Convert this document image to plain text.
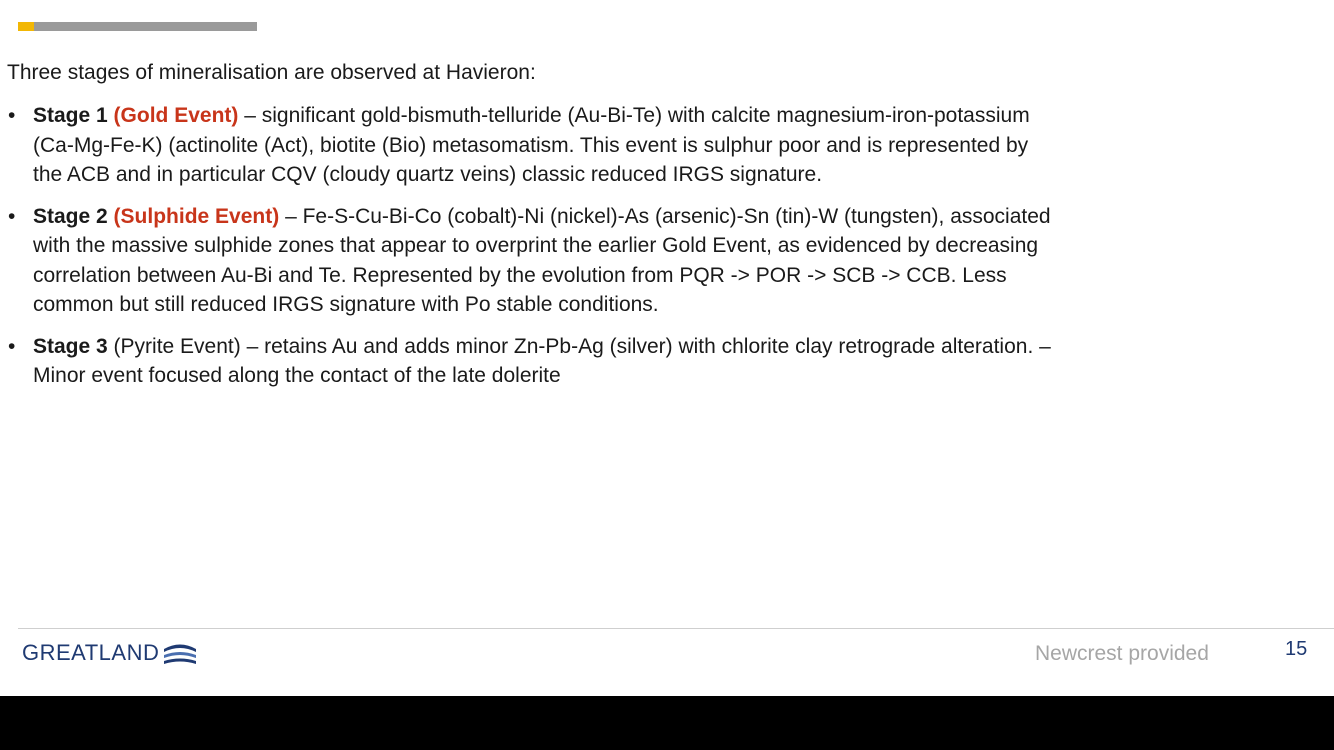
Three stages of mineralisation are observed at Havieron:
• Stage 1 (Gold Event) – significant gold-bismuth-telluride (Au-Bi-Te) with calcite magnesium-iron-potassium
(Ca-Mg-Fe-K) (actinolite (Act), biotite (Bio) metasomatism. This event is sulphur poor and is represented by
the ACB and in particular CQV (cloudy quartz veins) classic reduced IRGS signature.
• Stage 2 (Sulphide Event) – Fe-S-Cu-Bi-Co (cobalt)-Ni (nickel)-As (arsenic)-Sn (tin)-W (tungsten), associated
with the massive sulphide zones that appear to overprint the earlier Gold Event, as evidenced by decreasing
correlation between Au-Bi and Te. Represented by the evolution from PQR -> POR -> SCB -> CCB. Less
common but still reduced IRGS signature with Po stable conditions.
• Stage 3 (Pyrite Event) – retains Au and adds minor Zn-Pb-Ag (silver) with chlorite clay retrograde alteration. –
Minor event focused along the contact of the late dolerite
GREATLAND	Newcrest provided	15
